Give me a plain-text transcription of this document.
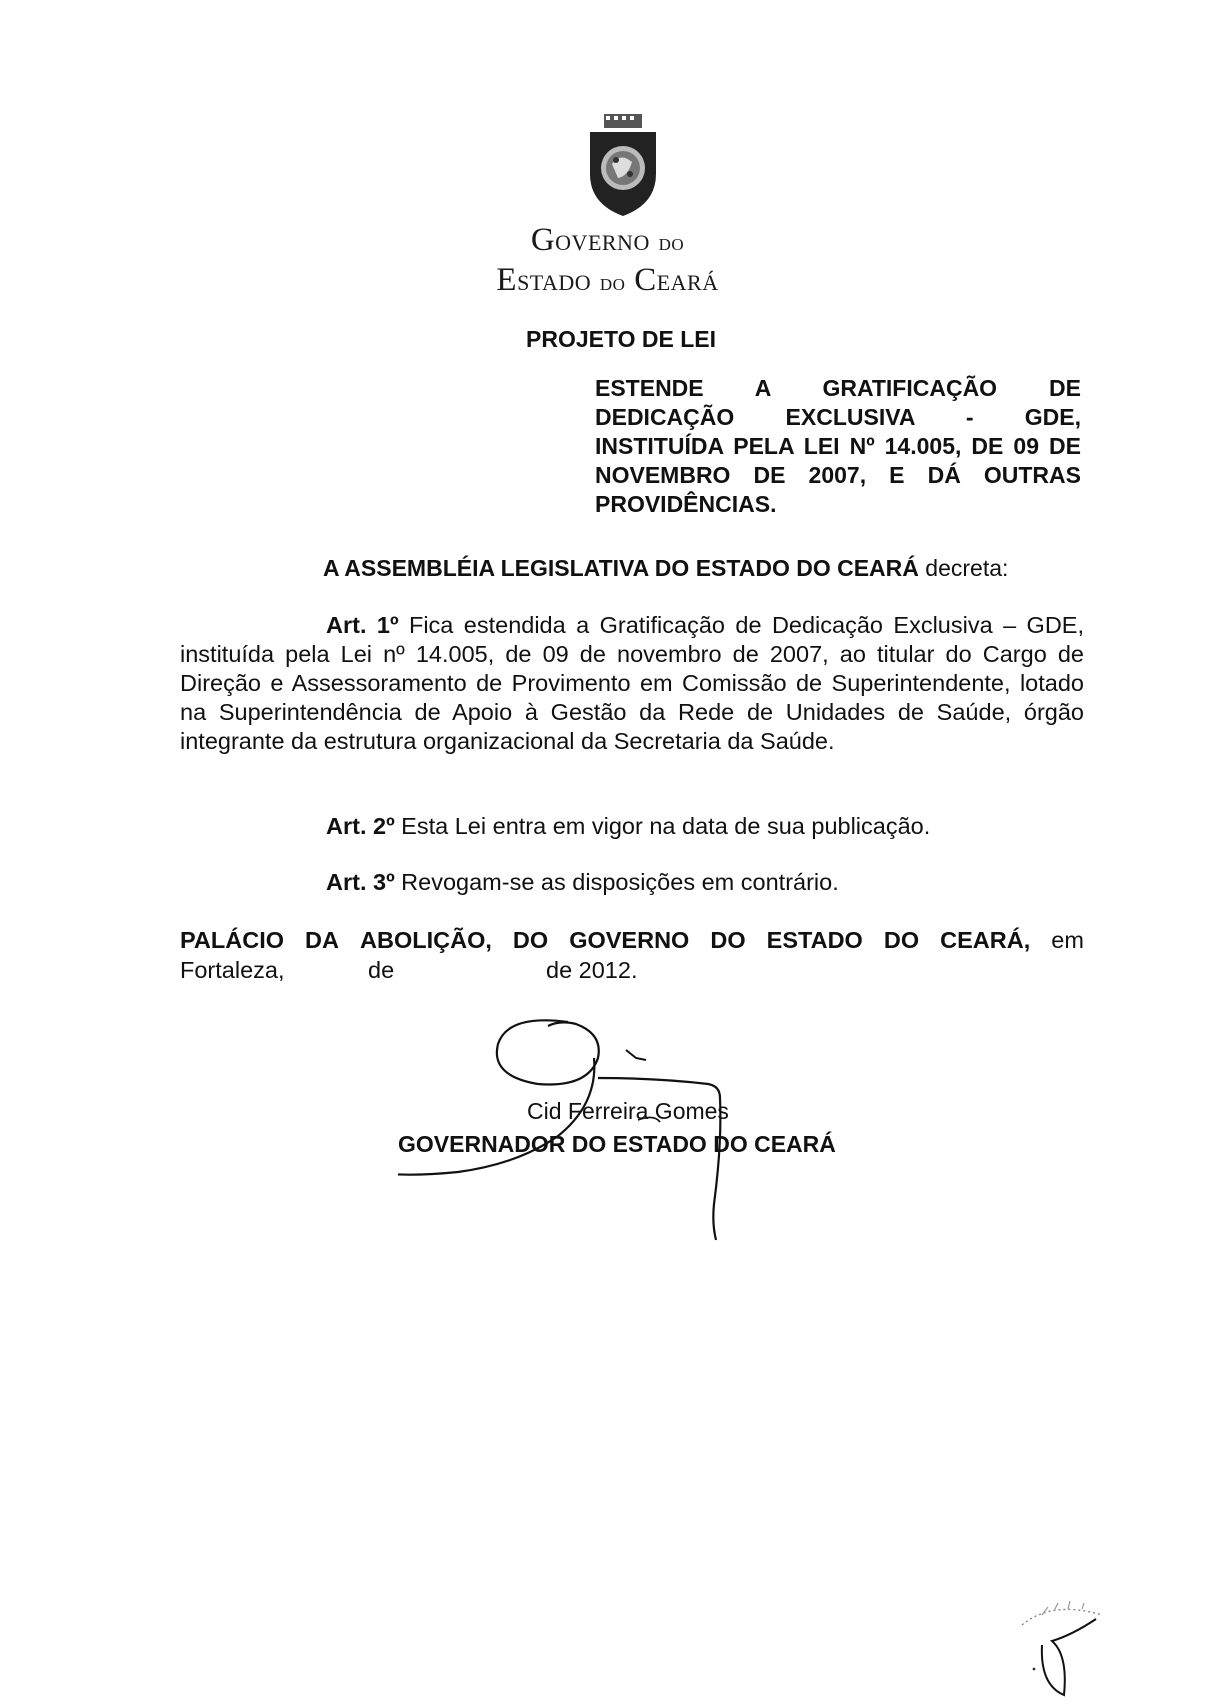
GOVERNO DO
ESTADO DO CEARÁ
PROJETO DE LEI
ESTENDE A GRATIFICAÇÃO DE DEDICAÇÃO EXCLUSIVA - GDE, INSTITUÍDA PELA LEI Nº 14.005, DE 09 DE NOVEMBRO DE 2007, E DÁ OUTRAS PROVIDÊNCIAS.
A ASSEMBLÉIA LEGISLATIVA DO ESTADO DO CEARÁ decreta:
Art. 1º Fica estendida a Gratificação de Dedicação Exclusiva – GDE, instituída pela Lei nº 14.005, de 09 de novembro de 2007, ao titular do Cargo de Direção e Assessoramento de Provimento em Comissão de Superintendente, lotado na Superintendência de Apoio à Gestão da Rede de Unidades de Saúde, órgão integrante da estrutura organizacional da Secretaria da Saúde.
Art. 2º Esta Lei entra em vigor na data de sua publicação.
Art. 3º Revogam-se as disposições em contrário.
PALÁCIO DA ABOLIÇÃO, DO GOVERNO DO ESTADO DO CEARÁ, em
Fortaleza,	de	de 2012.
Cid Ferreira Gomes
GOVERNADOR DO ESTADO DO CEARÁ
